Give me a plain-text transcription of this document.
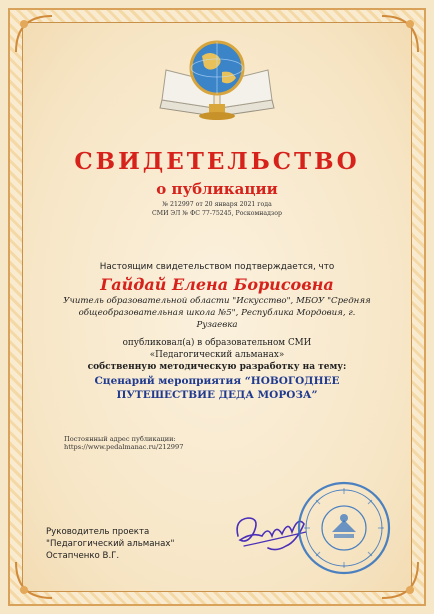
СВИДЕТЕЛЬСТВО
о публикации
№ 212997 от 20 января 2021 года
СМИ ЭЛ № ФС 77-75245, Роскомнадзор
Настоящим свидетельством подтверждается, что
Гайдай Елена Борисовна
Учитель образовательной области "Искусство", МБОУ "Средняя общеобразовательная школа №5", Республика Мордовия, г. Рузаевка
опубликовал(а) в образовательном СМИ
«Педагогический альманах»
собственную методическую разработку на тему:
Сценарий мероприятия “НОВОГОДНЕЕ ПУТЕШЕСТВИЕ ДЕДА МОРОЗА”
Постоянный адрес публикации:
https://www.pedalmanac.ru/212997
Руководитель проекта
"Педагогический альманах"
Остапченко В.Г.
